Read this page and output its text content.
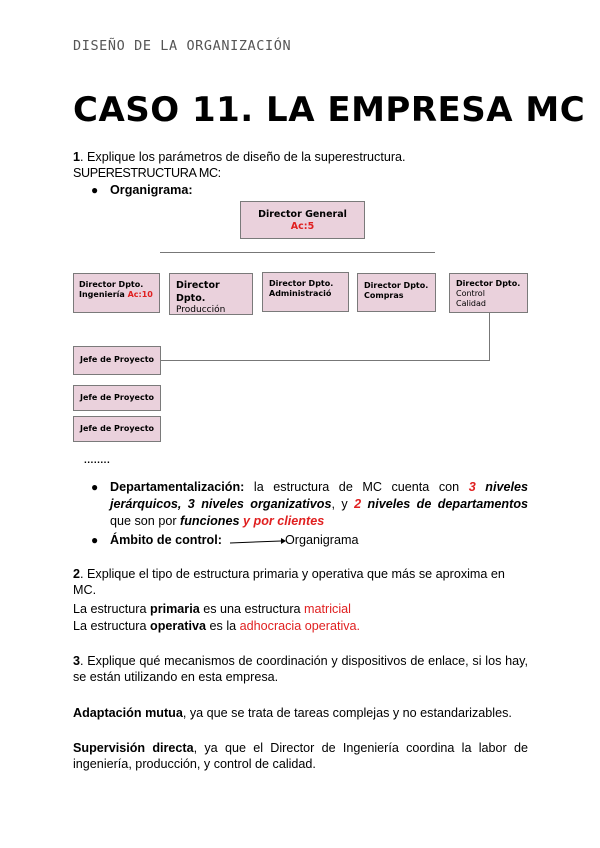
DISEÑO DE LA ORGANIZACIÓN
CASO 11. LA EMPRESA MC
1. Explique los parámetros de diseño de la superestructura.
SUPERESTRUCTURA MC:
● Organigrama:
Director General
Ac:5
Director Dpto.
Ingeniería Ac:10
Director
Dpto.
Producción
Director Dpto.
Administració
Director Dpto.
Compras
Director Dpto.
Control
Calidad
Jefe de Proyecto
Jefe de Proyecto
Jefe de Proyecto
........
● Departamentalización: la estructura de MC cuenta con 3 niveles jerárquicos, 3 niveles organizativos, y 2 niveles de departamentos que son por funciones y por clientes
● Ámbito de control:	Organigrama
2. Explique el tipo de estructura primaria y operativa que más se aproxima en MC.
La estructura primaria es una estructura matricial
La estructura operativa es la adhocracia operativa.
3. Explique qué mecanismos de coordinación y dispositivos de enlace, si los hay, se están utilizando en esta empresa.
Adaptación mutua, ya que se trata de tareas complejas y no estandarizables.
Supervisión directa, ya que el Director de Ingeniería coordina la labor de ingeniería, producción, y control de calidad.
